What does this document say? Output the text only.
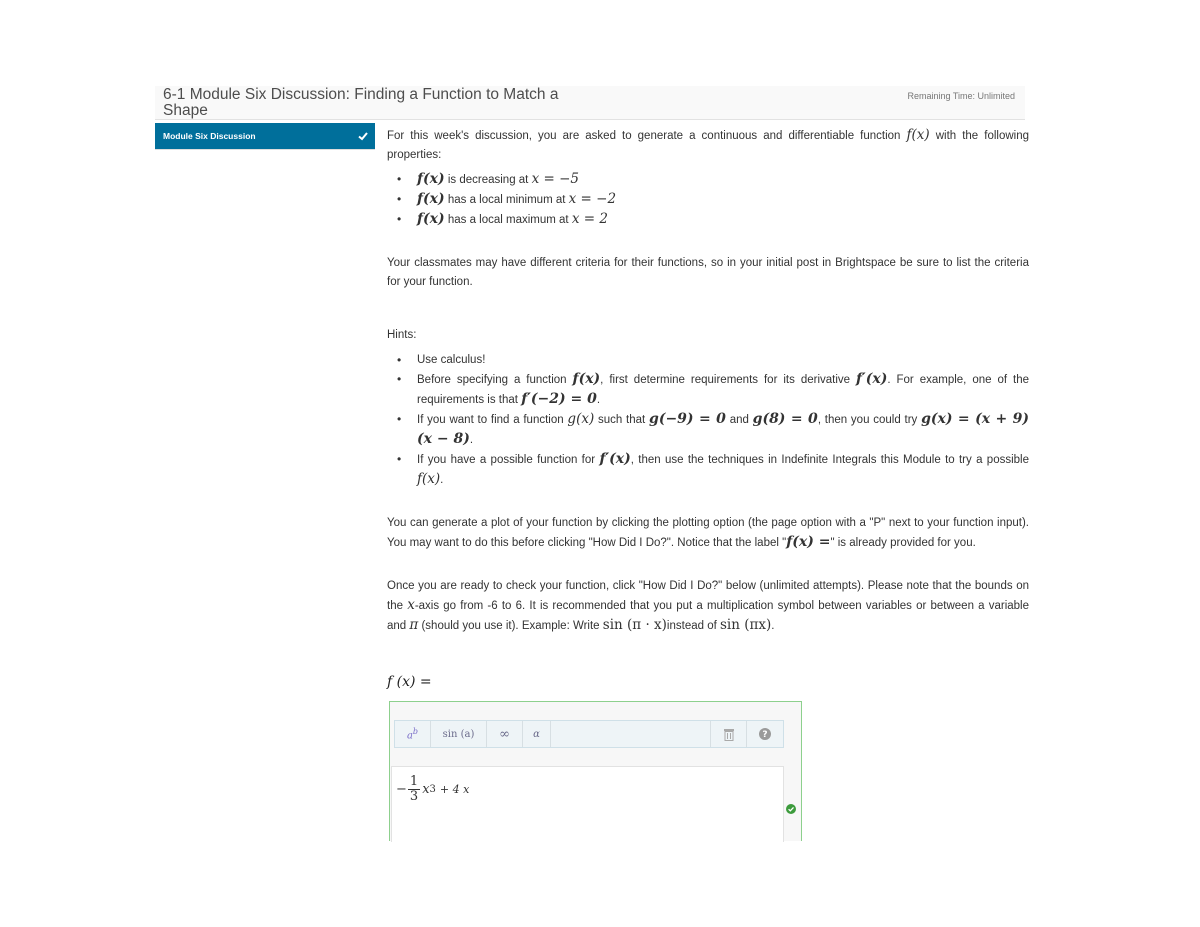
6-1 Module Six Discussion: Finding a Function to Match a Shape
Remaining Time: Unlimited
Module Six Discussion	For this week's discussion, you are asked to generate a continuous and differentiable function f(x) with the following properties:

• f(x) is decreasing at x = −5
• f(x) has a local minimum at x = −2
• f(x) has a local maximum at x = 2

Your classmates may have different criteria for their functions, so in your initial post in Brightspace be sure to list the criteria for your function.

Hints:

• Use calculus!
• Before specifying a function f(x), first determine requirements for its derivative f′(x). For example, one of the requirements is that f′(−2) = 0.
• If you want to find a function g(x) such that g(−9) = 0 and g(8) = 0, then you could try g(x) = (x + 9)(x − 8).
• If you have a possible function for f′(x), then use the techniques in Indefinite Integrals this Module to try a possible f(x).

You can generate a plot of your function by clicking the plotting option (the page option with a "P" next to your function input). You may want to do this before clicking "How Did I Do?". Notice that the label "f(x) =" is already provided for you.

Once you are ready to check your function, click "How Did I Do?" below (unlimited attempts). Please note that the bounds on the x-axis go from -6 to 6. It is recommended that you put a multiplication symbol between variables or between a variable and π (should you use it). Example: Write sin (π · x)instead of sin (πx).

f (x) =
$a^b$	sin (a)	∞	α	?
− $\frac{1}{3}$ x 3 + 4 x
